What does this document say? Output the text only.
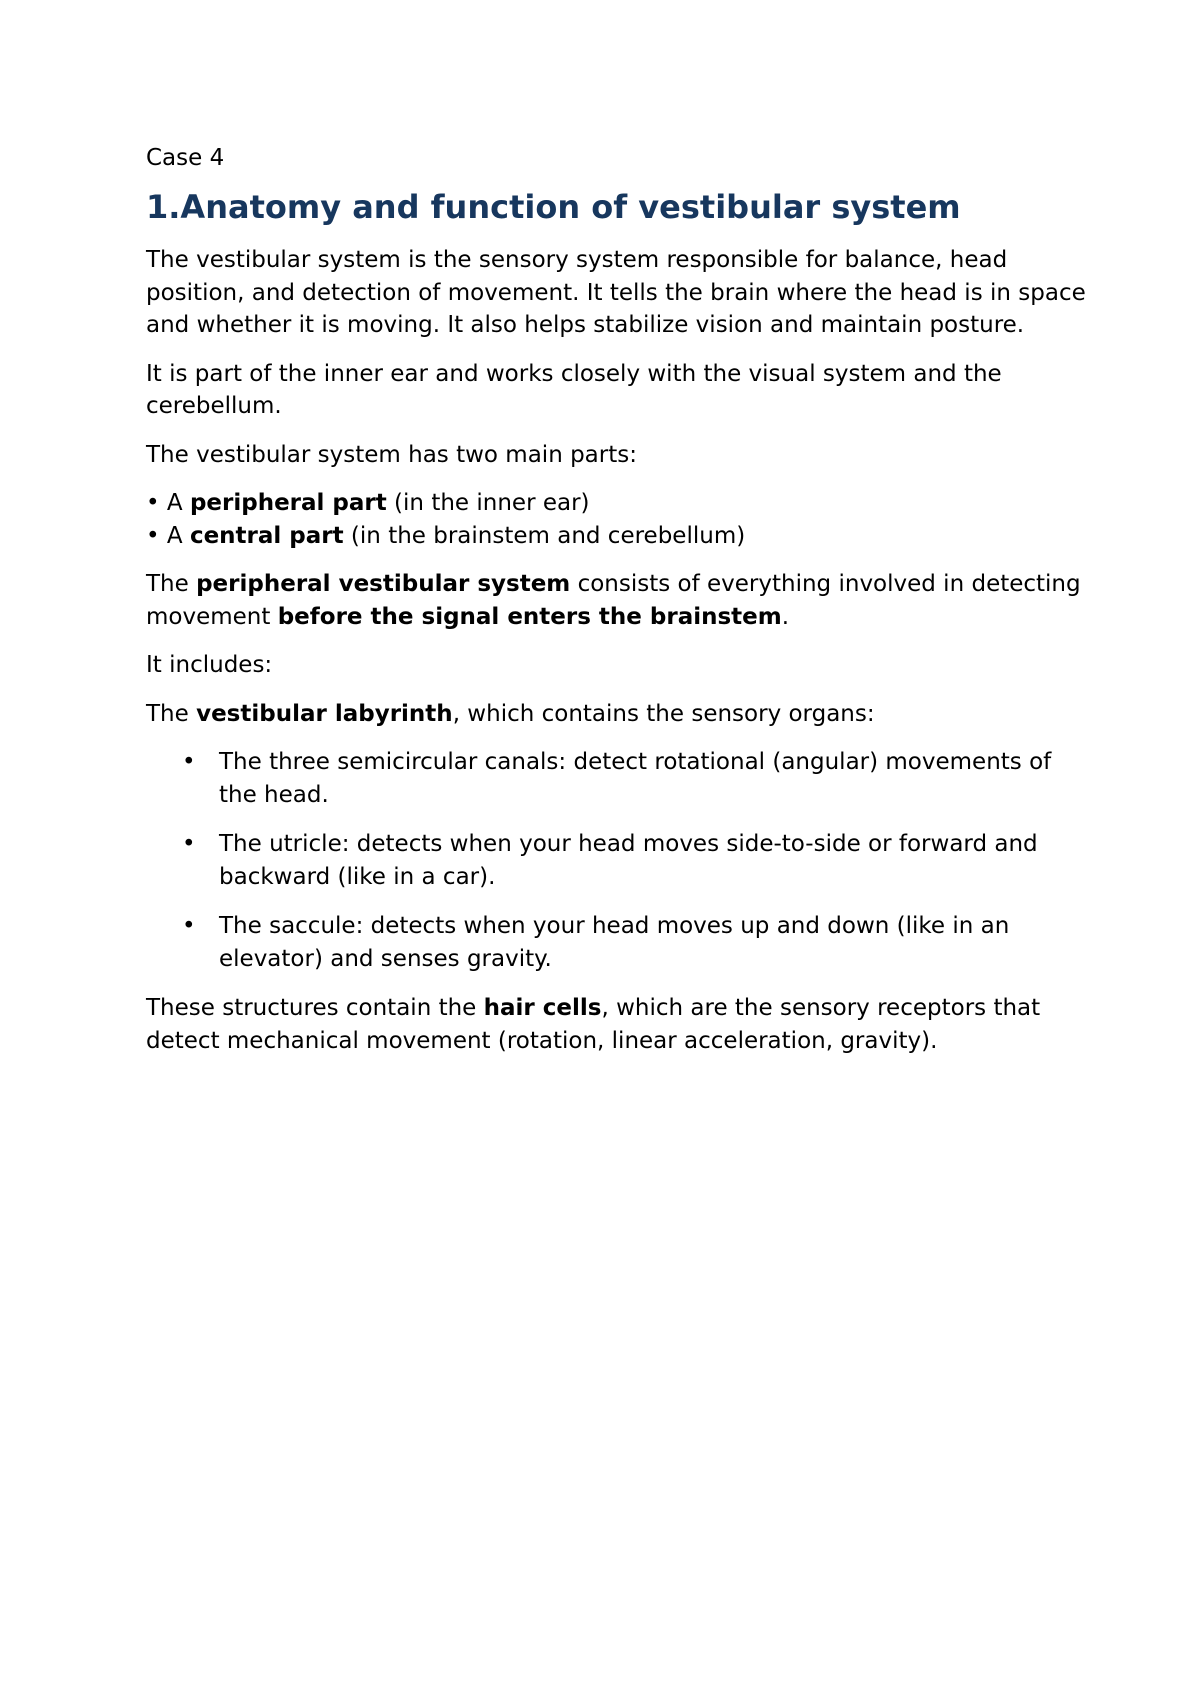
Case 4
1.Anatomy and function of vestibular system

The vestibular system is the sensory system responsible for balance, head position, and detection of movement. It tells the brain where the head is in space and whether it is moving. It also helps stabilize vision and maintain posture.

It is part of the inner ear and works closely with the visual system and the cerebellum.

The vestibular system has two main parts:

• A peripheral part (in the inner ear)
• A central part (in the brainstem and cerebellum)

The peripheral vestibular system consists of everything involved in detecting movement before the signal enters the brainstem.

It includes:

The vestibular labyrinth, which contains the sensory organs:

• The three semicircular canals: detect rotational (angular) movements of the head.
• The utricle: detects when your head moves side-to-side or forward and backward (like in a car).
• The saccule: detects when your head moves up and down (like in an elevator) and senses gravity.

These structures contain the hair cells, which are the sensory receptors that detect mechanical movement (rotation, linear acceleration, gravity).
